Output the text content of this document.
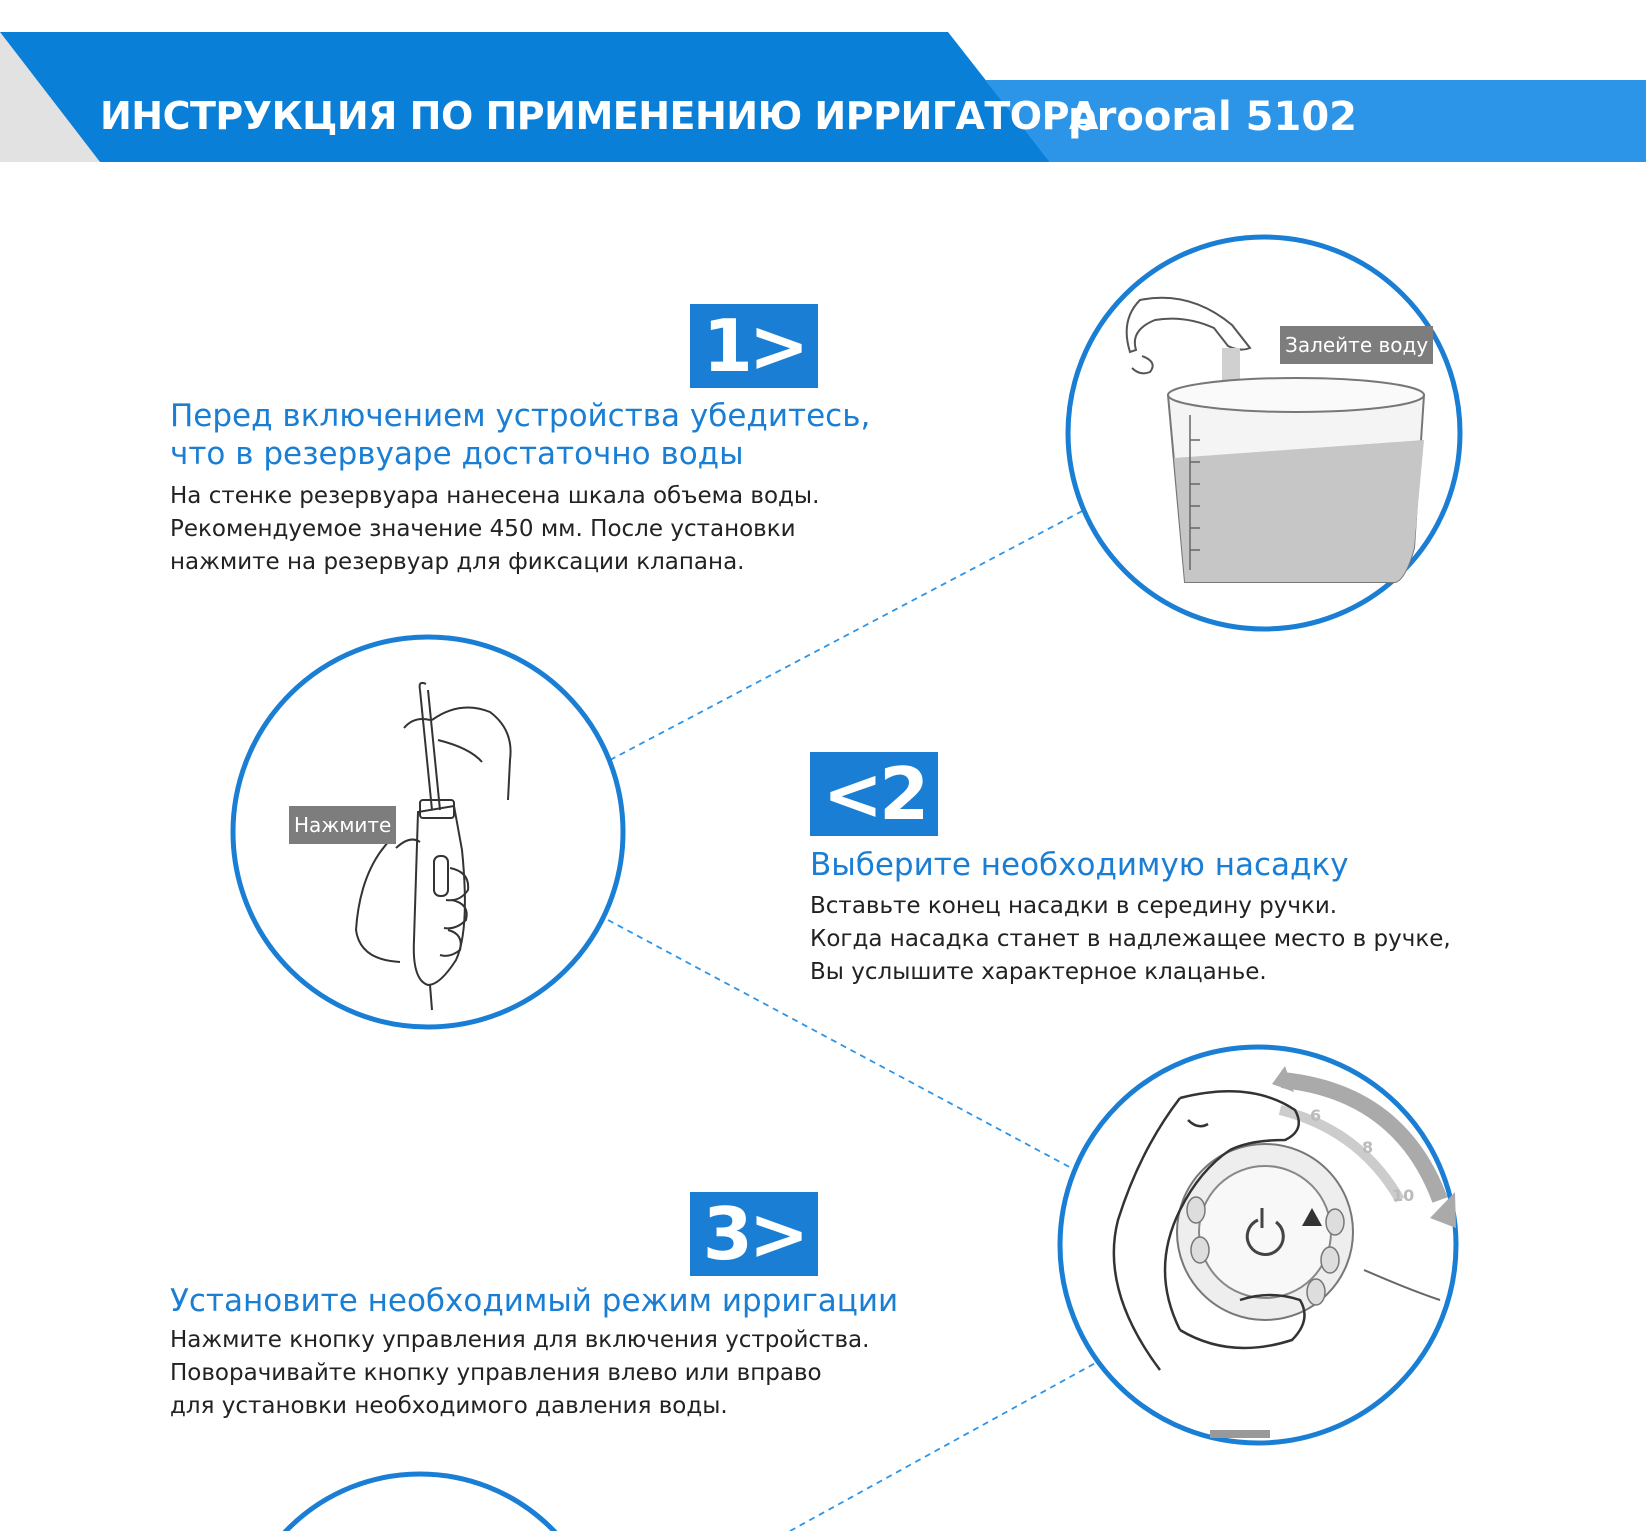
ИНСТРУКЦИЯ ПО ПРИМЕНЕНИЮ ИРРИГАТОРА
prooral 5102
6
8
10
1>
Перед включением устройства убедитесь,
что в резервуаре достаточно воды
На стенке резервуара нанесена шкала объема воды.
Рекомендуемое значение 450 мм. После установки
нажмите на резервуар для фиксации клапана.
Залейте воду
<2
Выберите необходимую насадку
Вставьте конец насадки в середину ручки.
Когда насадка станет в надлежащее место в ручке,
Вы услышите характерное клацанье.
Нажмите
3>
Установите необходимый режим ирригации
Нажмите кнопку управления для включения устройства.
Поворачивайте кнопку управления влево или вправо
для установки необходимого давления воды.
